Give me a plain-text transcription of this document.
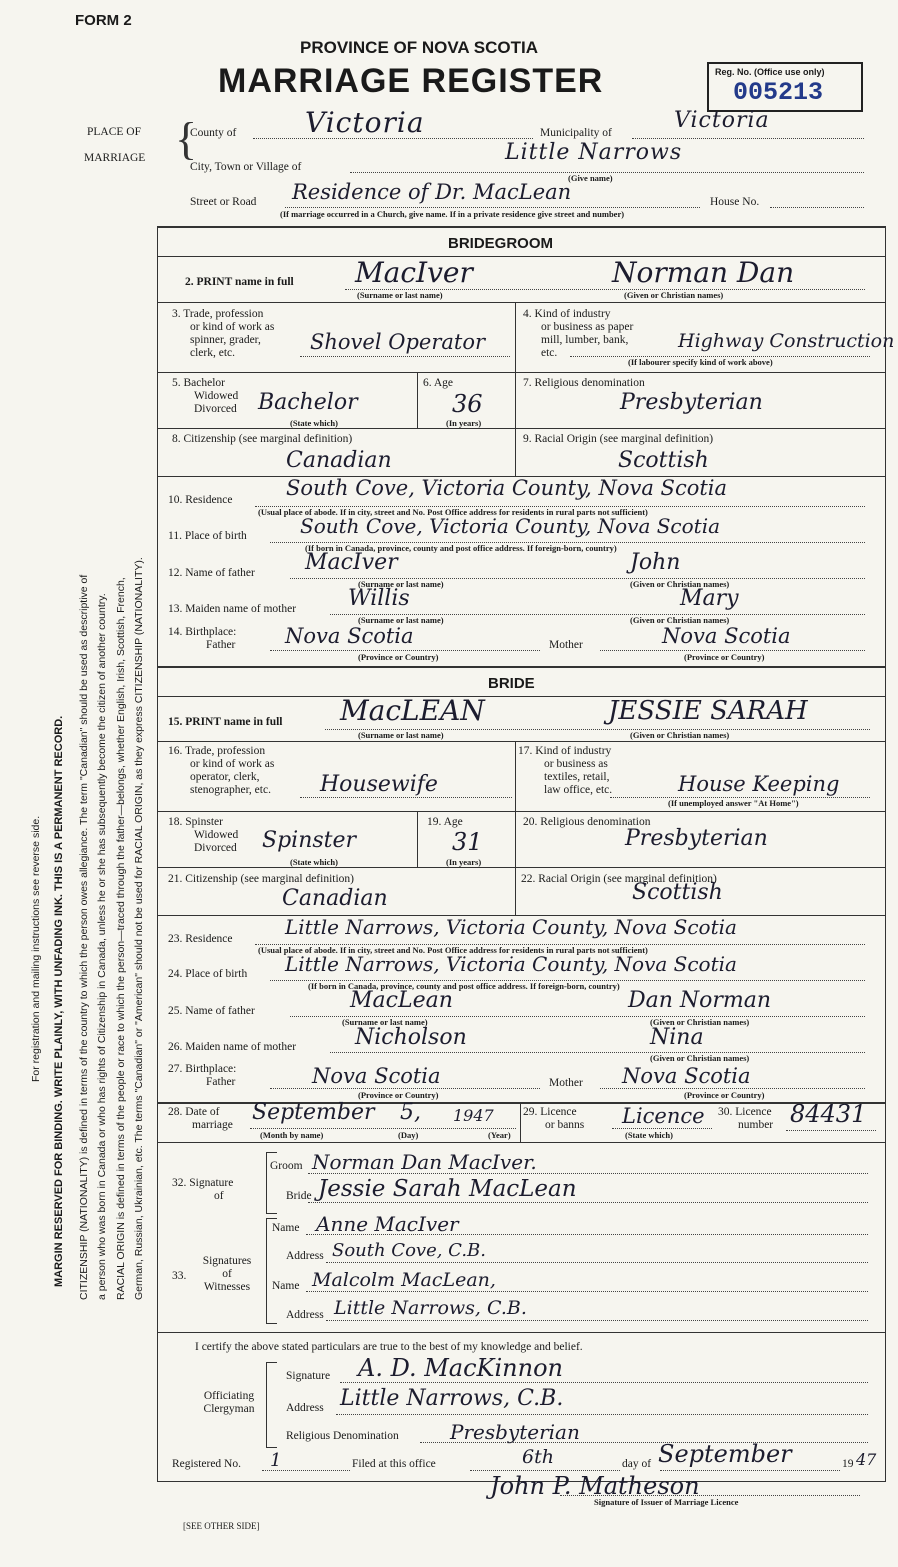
FORM 2
PROVINCE OF NOVA SCOTIA
MARRIAGE REGISTER	Reg. No. (Office use only)
005213
PLACE OF
MARRIAGE {
County of Victoria	Municipality of	Victoria
City, Town or Village of
Little Narrows
(Give name)
Street or Road Residence of Dr. MacLean	House No.
(If marriage occurred in a Church, give name. If in a private residence give street and number)
For registration and mailing instructions see reverse side. MARGIN RESERVED FOR BINDING. WRITE PLAINLY, WITH UNFADING INK. THIS IS A PERMANENT RECORD. CITIZENSHIP (NATIONALITY) is defined in terms of the country to which the person owes allegiance. The term "Canadian" should be used as descriptive of a person who was born in Canada or who has rights of Citizenship in Canada, unless he or she has subsequently become the citizen of another country. RACIAL ORIGIN is defined in terms of the people or race to which the person—traced through the father—belongs, whether English, Irish, Scottish, French, German, Russian, Ukrainian, etc. The terms "Canadian" or "American" should not be used for RACIAL ORIGIN, as they express CITIZENSHIP (NATIONALITY).
BRIDEGROOM
2. PRINT name in full MacIver	Norman Dan
(Surname or last name)	(Given or Christian names)
3. Trade, profession
or kind of work as
spinner, grader,
clerk, etc.	Shovel Operator
4. Kind of industry
or business as paper
mill, lumber, bank,
etc.
Highway Construction
(If labourer specify kind of work above)
5. Bachelor
Widowed
Divorced Bachelor
(State which)
6. Age
36
(In years)
7. Religious denomination
Presbyterian
8. Citizenship (see marginal definition)
Canadian
9. Racial Origin (see marginal definition)
Scottish
10. Residence	South Cove, Victoria County, Nova Scotia
(Usual place of abode. If in city, street and No. Post Office address for residents in rural parts not sufficient)
11. Place of birth	South Cove, Victoria County, Nova Scotia
(If born in Canada, province, county and post office address. If foreign-born, country)
12. Name of father MacIver	John
(Surname or last name)	(Given or Christian names)
13. Maiden name of mother Willis	Mary
(Surname or last name)	(Given or Christian names)
14. Birthplace:
Father Nova Scotia
(Province or Country)
Mother	Nova Scotia
(Province or Country)
BRIDE
15. PRINT name in full MacLEAN	JESSIE SARAH
(Surname or last name)	(Given or Christian names)
16. Trade, profession
or kind of work as
operator, clerk,
stenographer, etc. Housewife
17. Kind of industry
or business as
textiles, retail,
law office, etc.	House Keeping
(If unemployed answer "At Home")
18. Spinster
Widowed
Divorced Spinster
(State which)
19. Age
31
(In years)
20. Religious denomination
Presbyterian
21. Citizenship (see marginal definition)
Canadian
22. Racial Origin (see marginal definition)
Scottish
23. Residence	Little Narrows, Victoria County, Nova Scotia
(Usual place of abode. If in city, street and No. Post Office address for residents in rural parts not sufficient)
24. Place of birth Little Narrows, Victoria County, Nova Scotia
(If born in Canada, province, county and post office address. If foreign-born, country)
25. Name of father	MacLean	Dan Norman
(Surname or last name)	(Given or Christian names)
26. Maiden name of mother	Nicholson	Nina
(Given or Christian names)
27. Birthplace:
Father	Nova Scotia
(Province or Country)
Mother Nova Scotia
(Province or Country)
28. Date of
marriage September 5, 1947
(Month by name)	(Day)	(Year)
29. Licence
or banns Licence
(State which)
30. Licence
number 84431
32. Signature
of
Groom Norman Dan MacIver.
Bride Jessie Sarah MacLean
33.
Signatures
of
Witnesses
Name Anne MacIver
Address South Cove, C.B.
Name Malcolm MacLean,
Address Little Narrows, C.B.
I certify the above stated particulars are true to the best of my knowledge and belief.
Officiating
Clergyman
Signature A. D. MacKinnon
Address Little Narrows, C.B.
Religious Denomination	Presbyterian
Registered No. 1	Filed at this office	6th	day of September	19 47
John P. Matheson
Signature of Issuer of Marriage Licence
[SEE OTHER SIDE]
